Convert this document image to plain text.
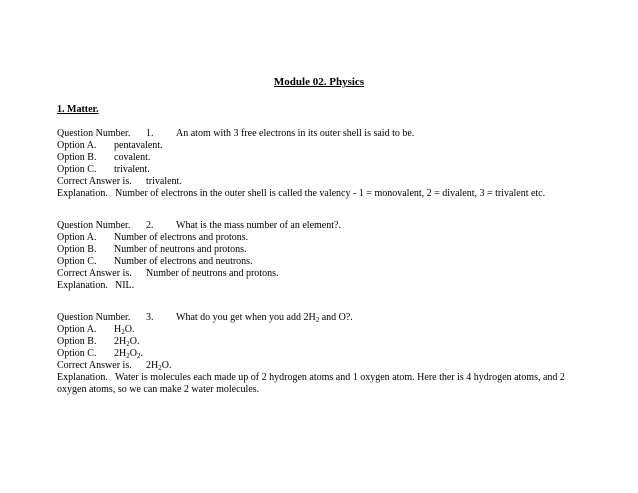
Module 02. Physics
1. Matter.
Question Number. 1. An atom with 3 free electrons in its outer shell is said to be.
Option A. pentavalent.
Option B. covalent.
Option C. trivalent.
Correct Answer is. trivalent.
Explanation. Number of electrons in the outer shell is called the valency - 1 = monovalent, 2 = divalent, 3 = trivalent etc.
Question Number. 2. What is the mass number of an element?.
Option A. Number of electrons and protons.
Option B. Number of neutrons and protons.
Option C. Number of electrons and neutrons.
Correct Answer is. Number of neutrons and protons.
Explanation. NIL.
Question Number. 3. What do you get when you add $2H_2$ and O?.
Option A. $H_2O$.
Option B. $2H_2O$.
Option C. $2H_2O_2$.
Correct Answer is. $2H_2O$.
Explanation. Water is molecules each made up of 2 hydrogen atoms and 1 oxygen atom. Here ther is 4 hydrogen atoms, and 2
oxygen atoms, so we can make 2 water molecules.
